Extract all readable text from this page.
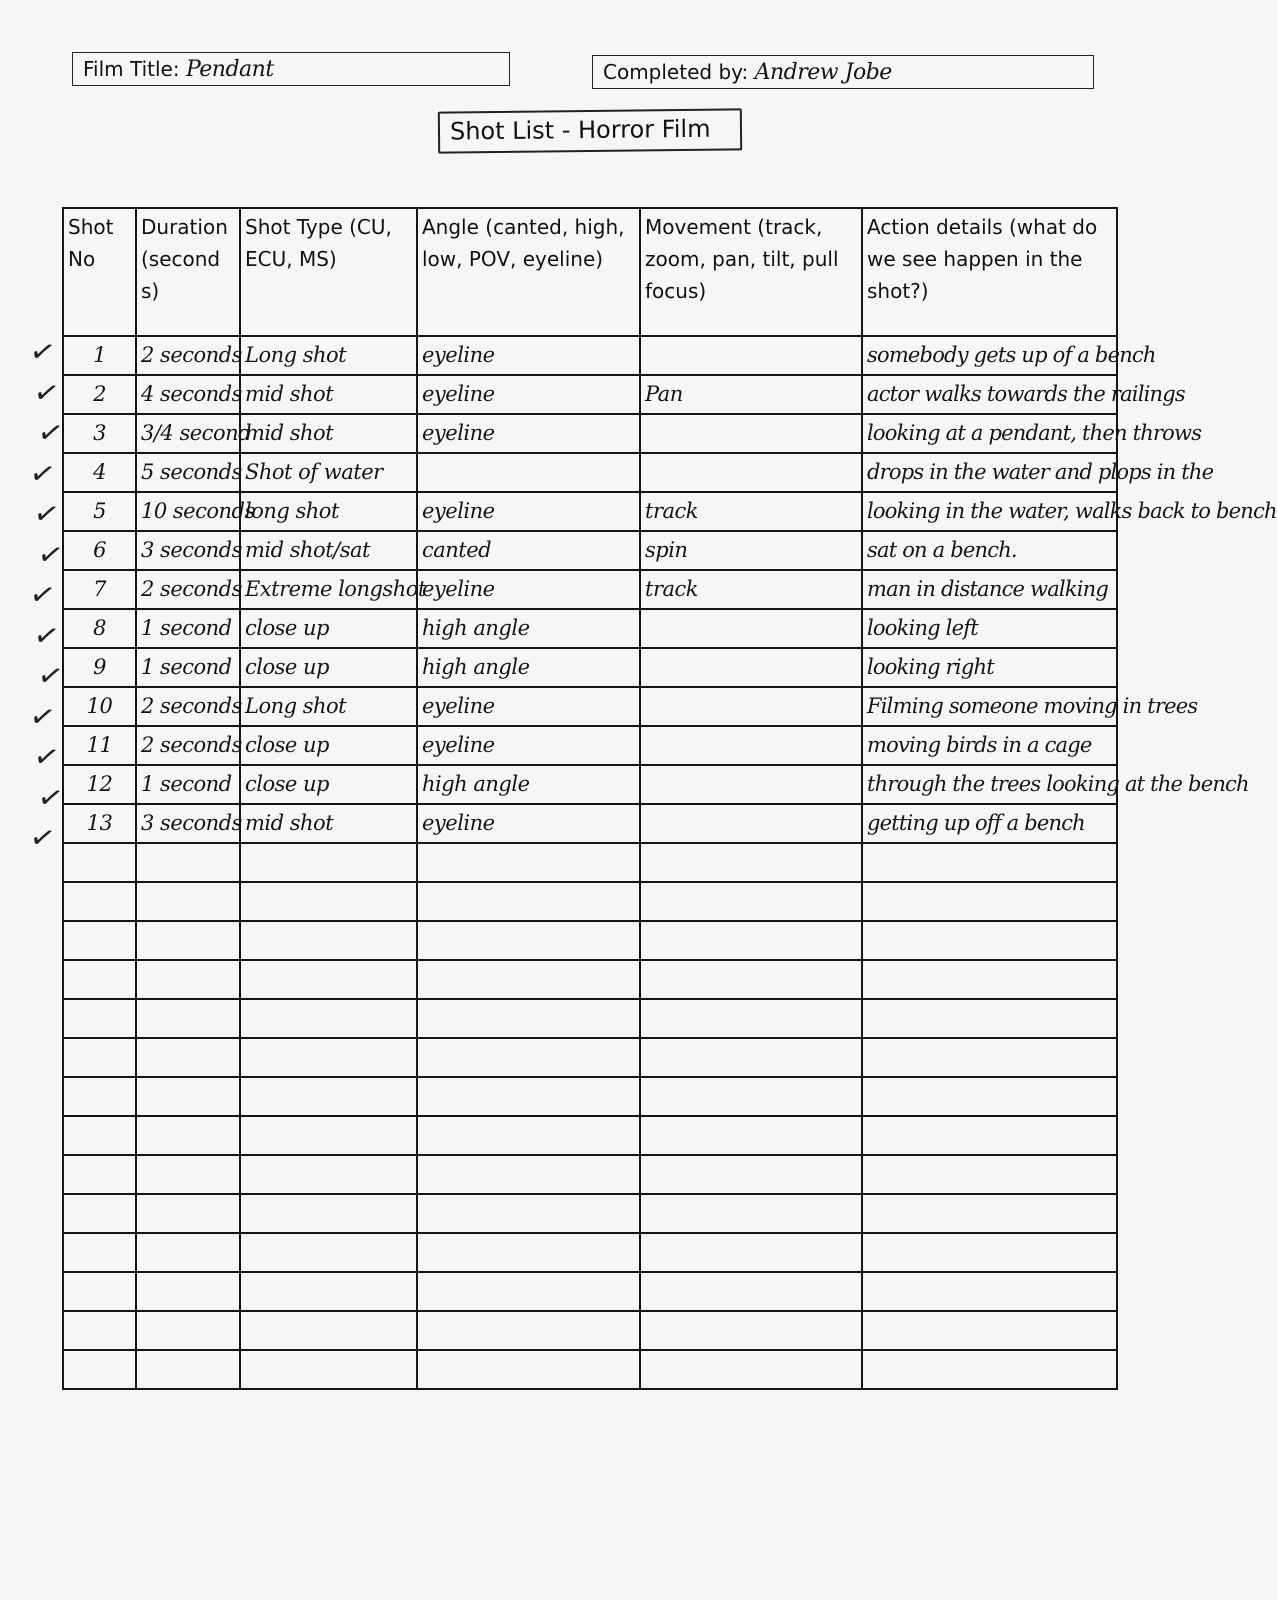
Film Title: Pendant	Completed by: Andrew Jobe
Shot List - Horror Film
Shot No	Duration (seconds)	Shot Type (CU, ECU, MS)	Angle (canted, high, low, POV, eyeline)	Movement (track, zoom, pan, tilt, pull focus)	Action details (what do we see happen in the shot?)
1	2 seconds	Long shot	eyeline		somebody gets up of a bench
2	4 seconds	mid shot	eyeline	Pan	actor walks towards the railings
3	3/4 second	mid shot	eyeline		looking at a pendant, then throws
4	5 seconds	Shot of water			drops in the water and plops in the
5	10 seconds	long shot	eyeline	track	looking in the water, walks back to bench
6	3 seconds	mid shot/sat	canted	spin	sat on a bench.
7	2 seconds	Extreme longshot	eyeline	track	man in distance walking
8	1 second	close up	high angle		looking left
9	1 second	close up	high angle		looking right
10	2 seconds	Long shot	eyeline		Filming someone moving in trees
11	2 seconds	close up	eyeline		moving birds in a cage
12	1 second	close up	high angle		through the trees looking at the bench
13	3 seconds	mid shot	eyeline		getting up off a bench

✓
✓
✓
✓
✓
✓
✓
✓
✓
✓
✓
✓
✓
